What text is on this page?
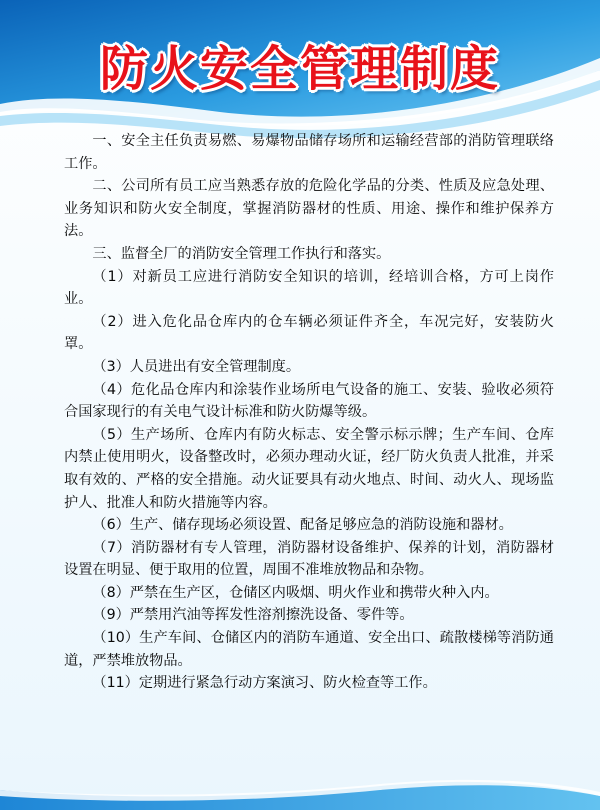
防火安全管理制度

一、安全主任负责易燃、易爆物品储存场所和运输经营部的消防管理联络工作。

二、公司所有员工应当熟悉存放的危险化学品的分类、性质及应急处理、业务知识和防火安全制度，掌握消防器材的性质、用途、操作和维护保养方法。

三、监督全厂的消防安全管理工作执行和落实。

（1）对新员工应进行消防安全知识的培训，经培训合格，方可上岗作业。

（2）进入危化品仓库内的仓车辆必须证件齐全，车况完好，安装防火罩。

（3）人员进出有安全管理制度。

（4）危化品仓库内和涂装作业场所电气设备的施工、安装、验收必须符合国家现行的有关电气设计标准和防火防爆等级。

（5）生产场所、仓库内有防火标志、安全警示标示牌；生产车间、仓库内禁止使用明火，设备整改时，必须办理动火证，经厂防火负责人批准，并采取有效的、严格的安全措施。动火证要具有动火地点、时间、动火人、现场监护人、批准人和防火措施等内容。

（6）生产、储存现场必须设置、配备足够应急的消防设施和器材。

（7）消防器材有专人管理，消防器材设备维护、保养的计划，消防器材设置在明显、便于取用的位置，周围不准堆放物品和杂物。

（8）严禁在生产区，仓储区内吸烟、明火作业和携带火种入内。

（9）严禁用汽油等挥发性溶剂擦洗设备、零件等。

（10）生产车间、仓储区内的消防车通道、安全出口、疏散楼梯等消防通道，严禁堆放物品。

（11）定期进行紧急行动方案演习、防火检查等工作。
